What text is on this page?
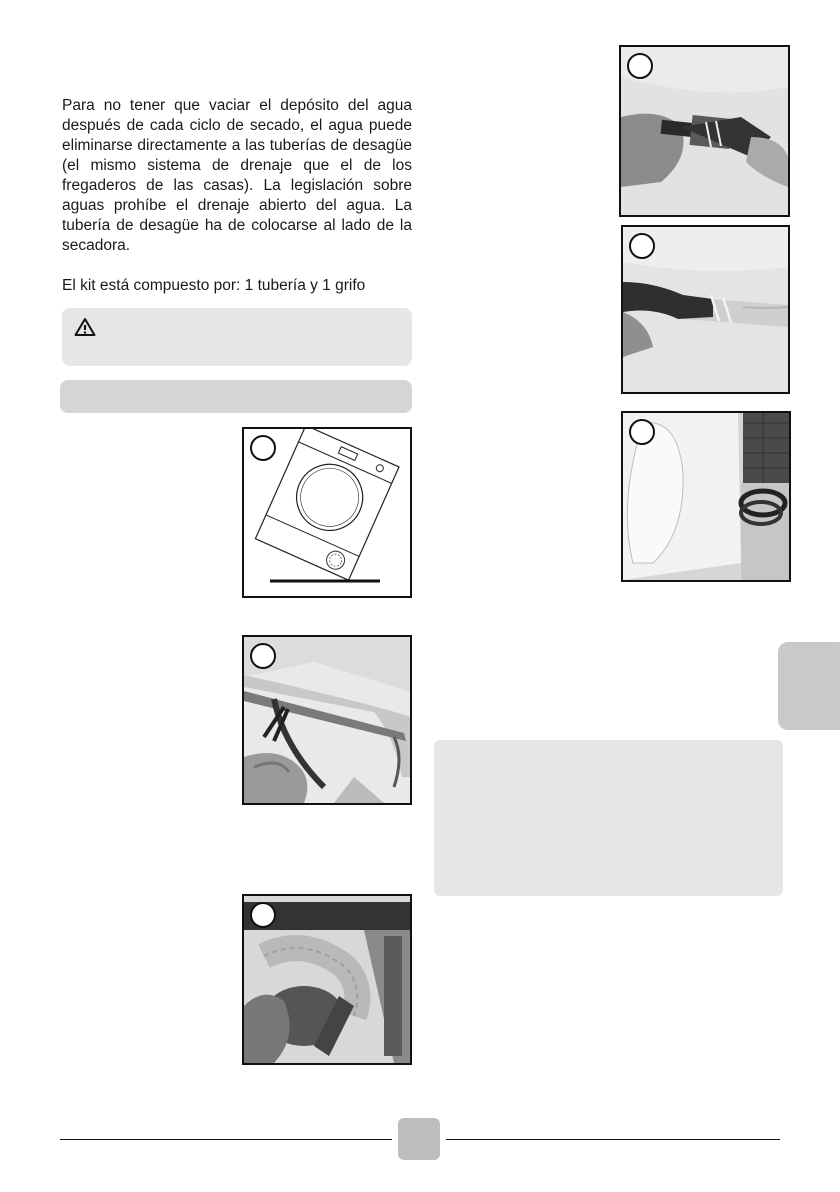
Para no tener que vaciar el depósito del agua después de cada ciclo de secado, el agua puede eliminarse directamente a las tuberías de desagüe (el mismo sistema de drenaje que el de los fregaderos de las casas). La legislación sobre aguas prohíbe el drenaje abierto del agua. La tubería de desagüe ha de colocarse al lado de la secadora.
El kit está compuesto por: 1 tubería y 1 grifo
